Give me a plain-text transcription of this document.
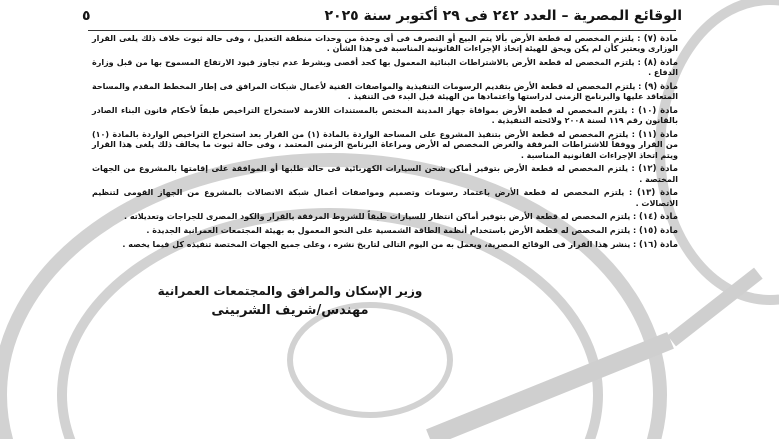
الوقائع المصرية – العدد ٢٤٢ فى ٢٩ أكتوبر سنة ٢٠٢٥
٥
مادة (٧) : يلتزم المخصص له قطعة الأرض بألا يتم البيع أو التصرف فى أى وحدة من وحدات منطقة التعديل ، وفى حالة ثبوت خلاف ذلك يلغى القرار الوزارى ويعتبر كأن لم يكن ويحق للهيئة إتخاذ الإجراءات القانونية المناسبة فى هذا الشأن .
مادة (٨) : يلتزم المخصص له قطعة الأرض بالاشتراطات البنائية المعمول بها كحد أقصى وبشرط عدم تجاوز قيود الارتفاع المسموح بها من قبل وزارة الدفاع .
مادة (٩) : يلتزم المخصص له قطعة الأرض بتقديم الرسومات التنفيذية والمواصفات الفنية لأعمال شبكات المرافق فى إطار المخطط المقدم والمساحة المتعاقد عليها والبرنامج الزمنى لدراستها واعتمادها من الهيئة قبل البدء فى التنفيذ .
مادة (١٠) : يلتزم المخصص له قطعة الأرض بموافاة جهاز المدينة المختص بالمستندات اللازمة لاستخراج التراخيص طبقاً لأحكام قانون البناء الصادر بالقانون رقم ١١٩ لسنة ٢٠٠٨ ولائحته التنفيذية .
مادة (١١) : يلتزم المخصص له قطعة الأرض بتنفيذ المشروع على المساحة الواردة بالمادة (١) من القرار بعد استخراج التراخيص الواردة بالمادة (١٠) من القرار ووفقاً للاشتراطات المرفقة والغرض المخصص له الأرض ومراعاة البرنامج الزمنى المعتمد ، وفى حالة ثبوت ما يخالف ذلك يلغى هذا القرار ويتم اتخاذ الإجراءات القانونية المناسبة .
مادة (١٢) : يلتزم المخصص له قطعة الأرض بتوفير أماكن شحن السيارات الكهربائية فى حالة طلبها أو الموافقة على إقامتها بالمشروع من الجهات المختصة .
مادة (١٣) : يلتزم المخصص له قطعة الأرض باعتماد رسومات وتصميم ومواصفات أعمال شبكة الاتصالات بالمشروع من الجهاز القومى لتنظيم الاتصالات .
مادة (١٤) : يلتزم المخصص له قطعة الأرض بتوفير أماكن انتظار للسيارات طبقاً للشروط المرفقة بالقرار والكود المصرى للجراجات وتعديلاته .
مادة (١٥) : يلتزم المخصص له قطعة الأرض باستخدام أنظمة الطاقة الشمسية على النحو المعمول به بهيئة المجتمعات العمرانية الجديدة .
مادة (١٦) : ينشر هذا القرار فى الوقائع المصرية، ويعمل به من اليوم التالى لتاريخ نشره ، وعلى جميع الجهات المختصة تنفيذه كل فيما يخصه .
وزير الإسكان والمرافق والمجتمعات العمرانية
مهندس/شريف الشربينى
